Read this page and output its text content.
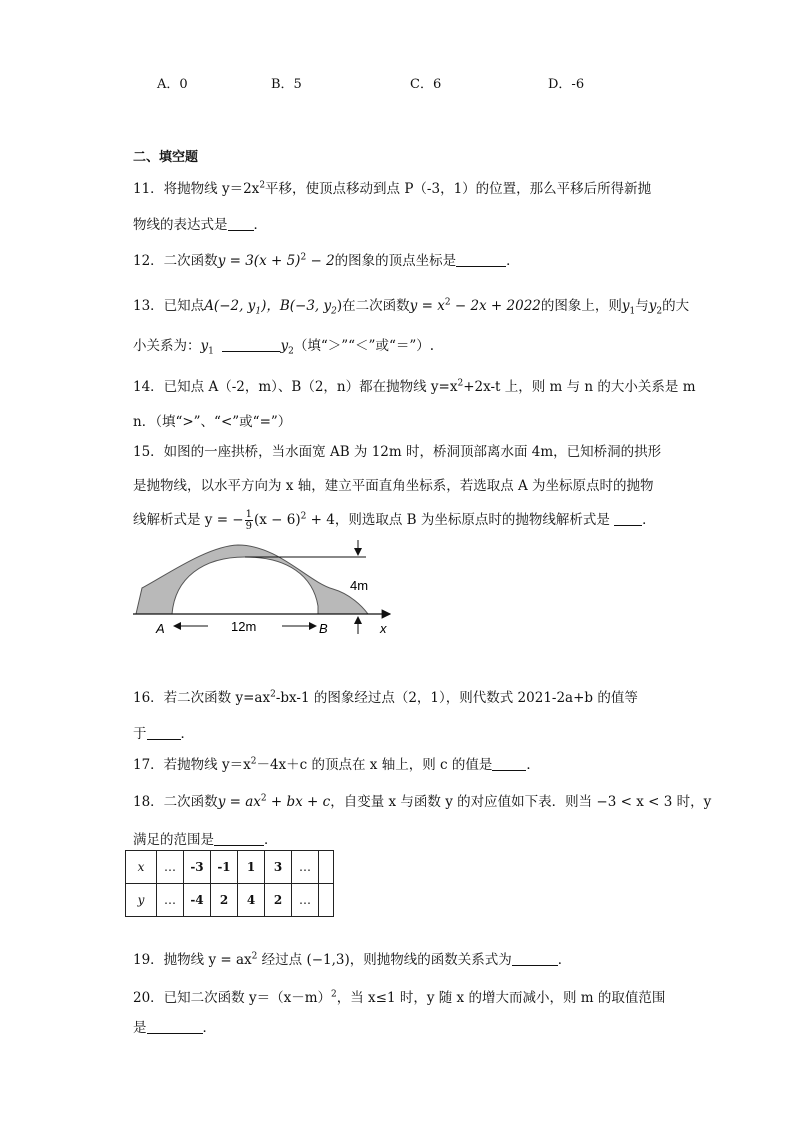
A．0	B．5	C．6	D．-6
二、填空题
11．将抛物线 $y=2x^2$平移，使顶点移动到点 P（-3，1）的位置，那么平移后所得新抛
物线的表达式是 ．
12．二次函数$y = 3(x + 5)^2 - 2$的图象的顶点坐标是	．
13．已知点A(−2, $y_1$)，B(−3, $y_2$)在二次函数$y = x^2 - 2x + 2022$的图象上，则$y_1$与$y_2$的大
小关系为：$y_1$	$y_2$（填“＞”“＜”或“＝”）.
14．已知点 A（-2，m）、B（2，n）都在抛物线 $y=x^2+2x-t$ 上，则 m 与 n 的大小关系是 m
n．（填“>”、“<”或“=”）
15．如图的一座拱桥，当水面宽 AB 为 12m 时，桥洞顶部离水面 4m，已知桥洞的拱形
是抛物线，以水平方向为 x 轴，建立平面直角坐标系，若选取点 A 为坐标原点时的抛物
线解析式是 y = − $\frac{1}{9} (x - 6)^2 + 4$，则选取点 B 为坐标原点时的抛物线解析式是 ．
A	B
12m
4m
x
16．若二次函数 $y=ax^2-bx-1$ 的图象经过点（2，1），则代数式 2021-2a+b 的值等
于	．
17．若抛物线 $y=x^2-4x+c$ 的顶点在 x 轴上，则 c 的值是	．
18．二次函数$y = ax^2$ + bx + c，自变量 x 与函数 y 的对应值如下表．则当 −3 < x < 3 时，y
满足的范围是	．
x	…	-3	-1	1	3	…	
y	…	-4	2	4	2	…	
19．抛物线 $y = ax^2$ 经过点 (−1,3)，则抛物线的函数关系式为	．
20．已知二次函数 $y=(x-m)^2$，当 x≤1 时，y 随 x 的增大而减小，则 m 的取值范围
是	．
